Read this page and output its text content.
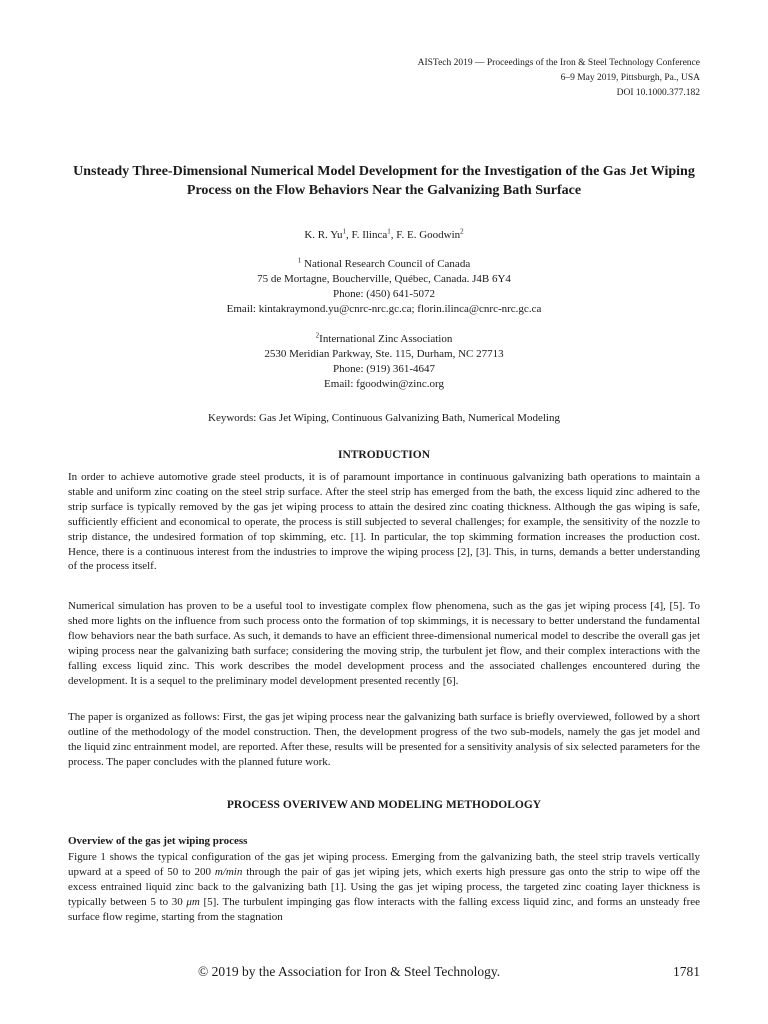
AISTech 2019 — Proceedings of the Iron & Steel Technology Conference
6–9 May 2019, Pittsburgh, Pa., USA
DOI 10.1000.377.182
Unsteady Three-Dimensional Numerical Model Development for the Investigation of the Gas Jet Wiping Process on the Flow Behaviors Near the Galvanizing Bath Surface
K. R. Yu$^1$, F. Ilinca$^1$, F. E. Goodwin$^2$
$^1$ National Research Council of Canada
75 de Mortagne, Boucherville, Québec, Canada. J4B 6Y4
Phone: (450) 641-5072
Email: kintakraymond.yu@cnrc-nrc.gc.ca; florin.ilinca@cnrc-nrc.gc.ca
$^2$International Zinc Association
2530 Meridian Parkway, Ste. 115, Durham, NC 27713
Phone: (919) 361-4647
Email: fgoodwin@zinc.org
Keywords: Gas Jet Wiping, Continuous Galvanizing Bath, Numerical Modeling
INTRODUCTION
In order to achieve automotive grade steel products, it is of paramount importance in continuous galvanizing bath operations to maintain a stable and uniform zinc coating on the steel strip surface. After the steel strip has emerged from the bath, the excess liquid zinc adhered to the strip surface is typically removed by the gas jet wiping process to attain the desired zinc coating thickness. Although the gas wiping is safe, sufficiently efficient and economical to operate, the process is still subjected to several challenges; for example, the sensitivity of the nozzle to strip distance, the undesired formation of top skimming, etc. [1]. In particular, the top skimming formation increases the production cost. Hence, there is a continuous interest from the industries to improve the wiping process [2], [3]. This, in turns, demands a better understanding of the process itself.
Numerical simulation has proven to be a useful tool to investigate complex flow phenomena, such as the gas jet wiping process [4], [5]. To shed more lights on the influence from such process onto the formation of top skimmings, it is necessary to better understand the fundamental flow behaviors near the bath surface. As such, it demands to have an efficient three-dimensional numerical model to describe the overall gas jet wiping process near the galvanizing bath surface; considering the moving strip, the turbulent jet flow, and their complex interactions with the falling excess liquid zinc. This work describes the model development process and the associated challenges encountered during the development. It is a sequel to the preliminary model development presented recently [6].
The paper is organized as follows: First, the gas jet wiping process near the galvanizing bath surface is briefly overviewed, followed by a short outline of the methodology of the model construction. Then, the development progress of the two sub-models, namely the gas jet model and the liquid zinc entrainment model, are reported. After these, results will be presented for a sensitivity analysis of six selected parameters for the process. The paper concludes with the planned future work.
PROCESS OVERIVEW AND MODELING METHODOLOGY
Overview of the gas jet wiping process
Figure 1 shows the typical configuration of the gas jet wiping process. Emerging from the galvanizing bath, the steel strip travels vertically upward at a speed of 50 to 200 m/min through the pair of gas jet wiping jets, which exerts high pressure gas onto the strip to wipe off the excess entrained liquid zinc back to the galvanizing bath [1]. Using the gas jet wiping process, the targeted zinc coating layer thickness is typically between 5 to 30 μm [5]. The turbulent impinging gas flow interacts with the falling excess liquid zinc, and forms an unsteady free surface flow regime, starting from the stagnation
© 2019 by the Association for Iron & Steel Technology.	1781
